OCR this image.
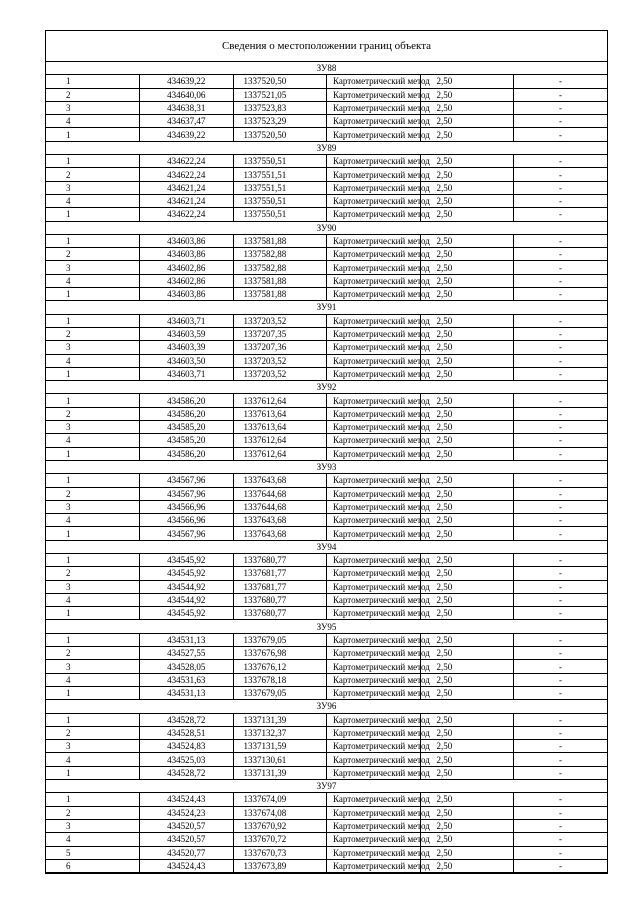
Сведения о местоположении границ объекта
ЗУ88					
1	434639,22	1337520,50	Картометрический метод	2,50	-
2	434640,06	1337521,05	Картометрический метод	2,50	-
3	434638,31	1337523,83	Картометрический метод	2,50	-
4	434637,47	1337523,29	Картометрический метод	2,50	-
1	434639,22	1337520,50	Картометрический метод	2,50	-
ЗУ89					
1	434622,24	1337550,51	Картометрический метод	2,50	-
2	434622,24	1337551,51	Картометрический метод	2,50	-
3	434621,24	1337551,51	Картометрический метод	2,50	-
4	434621,24	1337550,51	Картометрический метод	2,50	-
1	434622,24	1337550,51	Картометрический метод	2,50	-
ЗУ90					
1	434603,86	1337581,88	Картометрический метод	2,50	-
2	434603,86	1337582,88	Картометрический метод	2,50	-
3	434602,86	1337582,88	Картометрический метод	2,50	-
4	434602,86	1337581,88	Картометрический метод	2,50	-
1	434603,86	1337581,88	Картометрический метод	2,50	-
ЗУ91					
1	434603,71	1337203,52	Картометрический метод	2,50	-
2	434603,59	1337207,35	Картометрический метод	2,50	-
3	434603,39	1337207,36	Картометрический метод	2,50	-
4	434603,50	1337203,52	Картометрический метод	2,50	-
1	434603,71	1337203,52	Картометрический метод	2,50	-
ЗУ92					
1	434586,20	1337612,64	Картометрический метод	2,50	-
2	434586,20	1337613,64	Картометрический метод	2,50	-
3	434585,20	1337613,64	Картометрический метод	2,50	-
4	434585,20	1337612,64	Картометрический метод	2,50	-
1	434586,20	1337612,64	Картометрический метод	2,50	-
ЗУ93					
1	434567,96	1337643,68	Картометрический метод	2,50	-
2	434567,96	1337644,68	Картометрический метод	2,50	-
3	434566,96	1337644,68	Картометрический метод	2,50	-
4	434566,96	1337643,68	Картометрический метод	2,50	-
1	434567,96	1337643,68	Картометрический метод	2,50	-
ЗУ94					
1	434545,92	1337680,77	Картометрический метод	2,50	-
2	434545,92	1337681,77	Картометрический метод	2,50	-
3	434544,92	1337681,77	Картометрический метод	2,50	-
4	434544,92	1337680,77	Картометрический метод	2,50	-
1	434545,92	1337680,77	Картометрический метод	2,50	-
ЗУ95					
1	434531,13	1337679,05	Картометрический метод	2,50	-
2	434527,55	1337676,98	Картометрический метод	2,50	-
3	434528,05	1337676,12	Картометрический метод	2,50	-
4	434531,63	1337678,18	Картометрический метод	2,50	-
1	434531,13	1337679,05	Картометрический метод	2,50	-
ЗУ96					
1	434528,72	1337131,39	Картометрический метод	2,50	-
2	434528,51	1337132,37	Картометрический метод	2,50	-
3	434524,83	1337131,59	Картометрический метод	2,50	-
4	434525,03	1337130,61	Картометрический метод	2,50	-
1	434528,72	1337131,39	Картометрический метод	2,50	-
ЗУ97					
1	434524,43	1337674,09	Картометрический метод	2,50	-
2	434524,23	1337674,08	Картометрический метод	2,50	-
3	434520,57	1337670,92	Картометрический метод	2,50	-
4	434520,57	1337670,72	Картометрический метод	2,50	-
5	434520,77	1337670,73	Картометрический метод	2,50	-
6	434524,43	1337673,89	Картометрический метод	2,50	-
